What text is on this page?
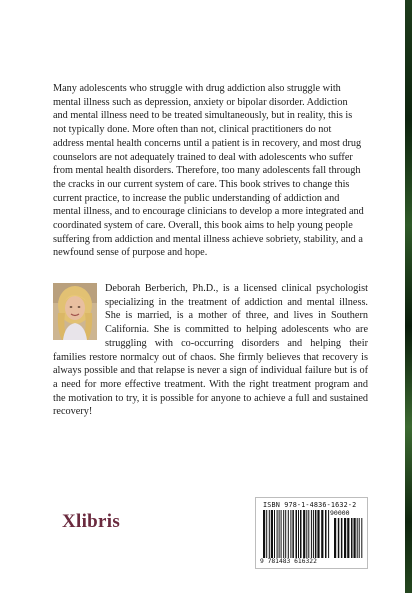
Many adolescents who struggle with drug addiction also struggle with mental illness such as depression, anxiety or bipolar disorder. Addiction and mental illness need to be treated simultaneously, but in reality, this is not typically done. More often than not, clinical practitioners do not address mental health concerns until a patient is in recovery, and most drug counselors are not adequately trained to deal with adolescents who suffer from mental health disorders. Therefore, too many adolescents fall through the cracks in our current system of care. This book strives to change this current practice, to increase the public understanding of addiction and mental illness, and to encourage clinicians to develop a more integrated and coordinated system of care. Overall, this book aims to help young people suffering from addiction and mental illness achieve sobriety, stability, and a newfound sense of purpose and hope.

Deborah Berberich, Ph.D., is a licensed clinical psychologist specializing in the treatment of addiction and mental illness. She is married, is a mother of three, and lives in Southern California. She is committed to helping adolescents who are struggling with co-occurring disorders and helping their families restore normalcy out of chaos. She firmly believes that recovery is always possible and that relapse is never a sign of individual failure but is of a need for more effective treatment. With the right treatment program and the motivation to try, it is possible for anyone to achieve a full and sustained recovery!

Xlibris
ISBN 978-1-4836-1632-2
90000
9 781483 616322
